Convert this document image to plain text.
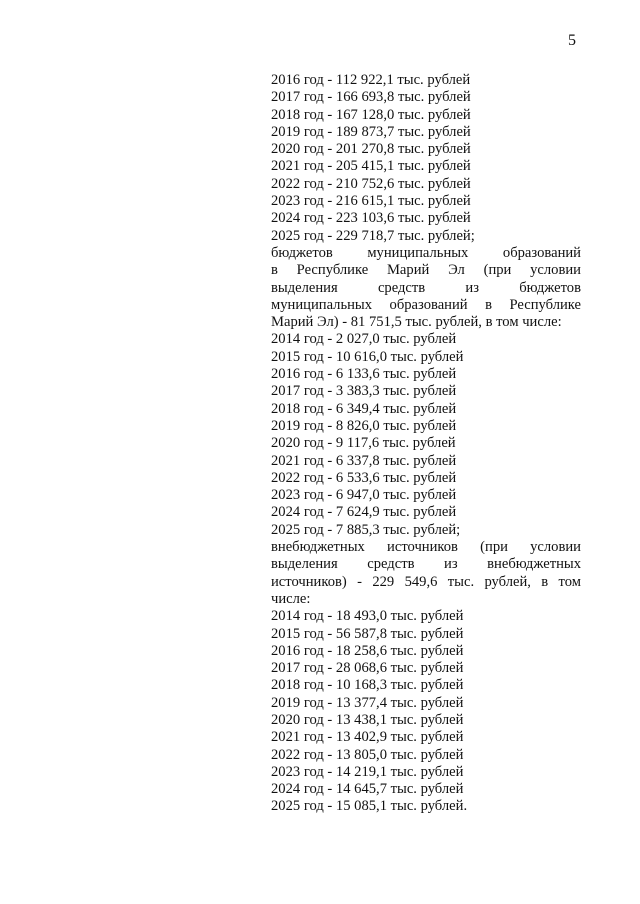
5
2016 год - 112 922,1 тыс. рублей
2017 год - 166 693,8 тыс. рублей
2018 год - 167 128,0 тыс. рублей
2019 год - 189 873,7 тыс. рублей
2020 год - 201 270,8 тыс. рублей
2021 год - 205 415,1 тыс. рублей
2022 год - 210 752,6 тыс. рублей
2023 год - 216 615,1 тыс. рублей
2024 год - 223 103,6 тыс. рублей
2025 год - 229 718,7 тыс. рублей;
бюджетов муниципальных образований
в Республике Марий Эл (при условии
выделения средств из бюджетов
муниципальных образований в Республике
Марий Эл) - 81 751,5 тыс. рублей, в том числе:
2014 год - 2 027,0 тыс. рублей
2015 год - 10 616,0 тыс. рублей
2016 год - 6 133,6 тыс. рублей
2017 год - 3 383,3 тыс. рублей
2018 год - 6 349,4 тыс. рублей
2019 год - 8 826,0 тыс. рублей
2020 год - 9 117,6 тыс. рублей
2021 год - 6 337,8 тыс. рублей
2022 год - 6 533,6 тыс. рублей
2023 год - 6 947,0 тыс. рублей
2024 год - 7 624,9 тыс. рублей
2025 год - 7 885,3 тыс. рублей;
внебюджетных источников (при условии
выделения средств из внебюджетных
источников) - 229 549,6 тыс. рублей, в том
числе:
2014 год - 18 493,0 тыс. рублей
2015 год - 56 587,8 тыс. рублей
2016 год - 18 258,6 тыс. рублей
2017 год - 28 068,6 тыс. рублей
2018 год - 10 168,3 тыс. рублей
2019 год - 13 377,4 тыс. рублей
2020 год - 13 438,1 тыс. рублей
2021 год - 13 402,9 тыс. рублей
2022 год - 13 805,0 тыс. рублей
2023 год - 14 219,1 тыс. рублей
2024 год - 14 645,7 тыс. рублей
2025 год - 15 085,1 тыс. рублей.
